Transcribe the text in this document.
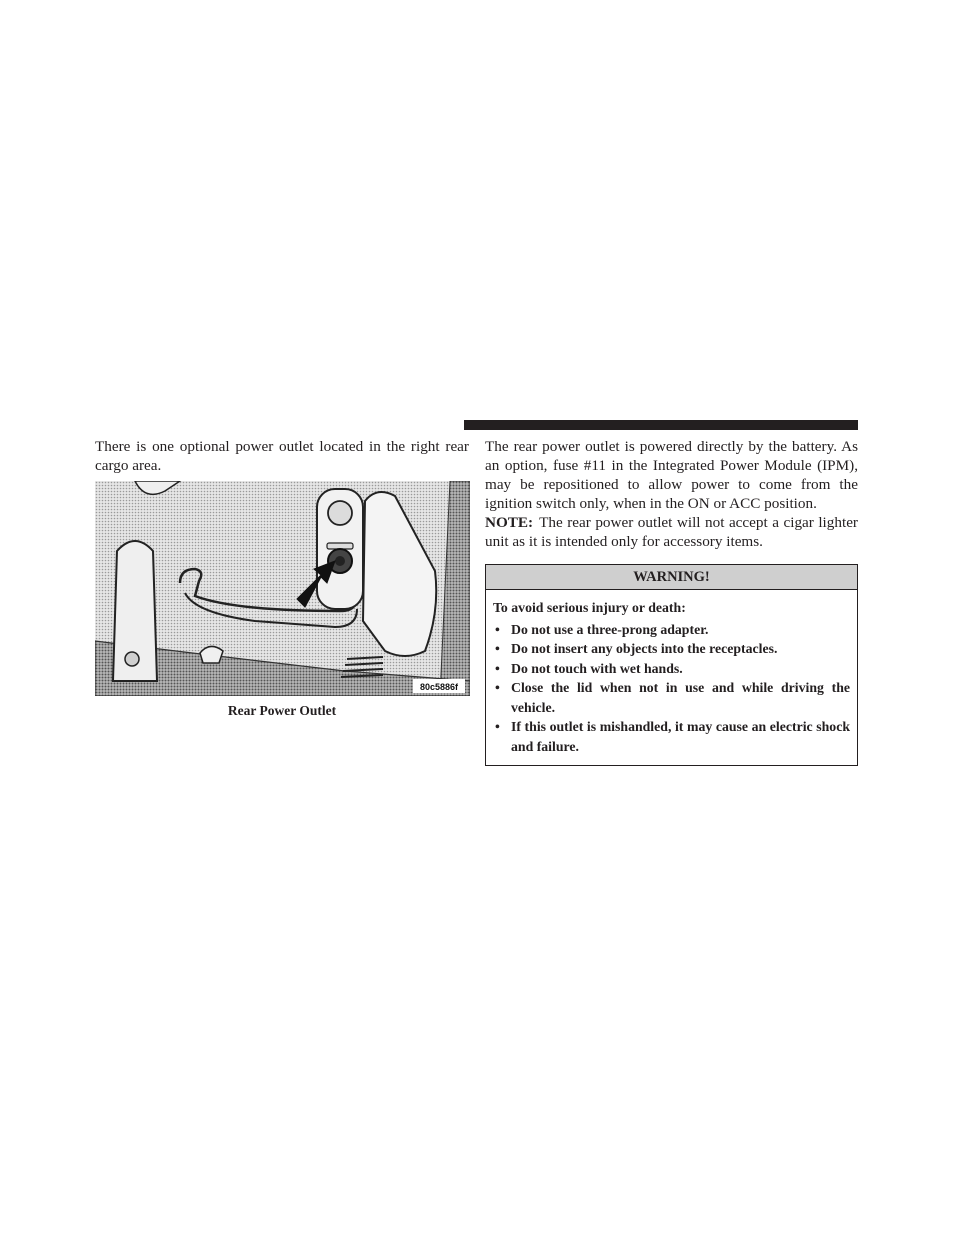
There is one optional power outlet located in the right rear cargo area.

80c5886f
Rear Power Outlet

The rear power outlet is powered directly by the battery. As an option, fuse #11 in the Integrated Power Module (IPM), may be repositioned to allow power to come from the ignition switch only, when in the ON or ACC position.

NOTE: The rear power outlet will not accept a cigar lighter unit as it is intended only for accessory items.

WARNING!

To avoid serious injury or death:

• Do not use a three-prong adapter.
• Do not insert any objects into the receptacles.
• Do not touch with wet hands.
• Close the lid when not in use and while driving the vehicle.
• If this outlet is mishandled, it may cause an electric shock and failure.
